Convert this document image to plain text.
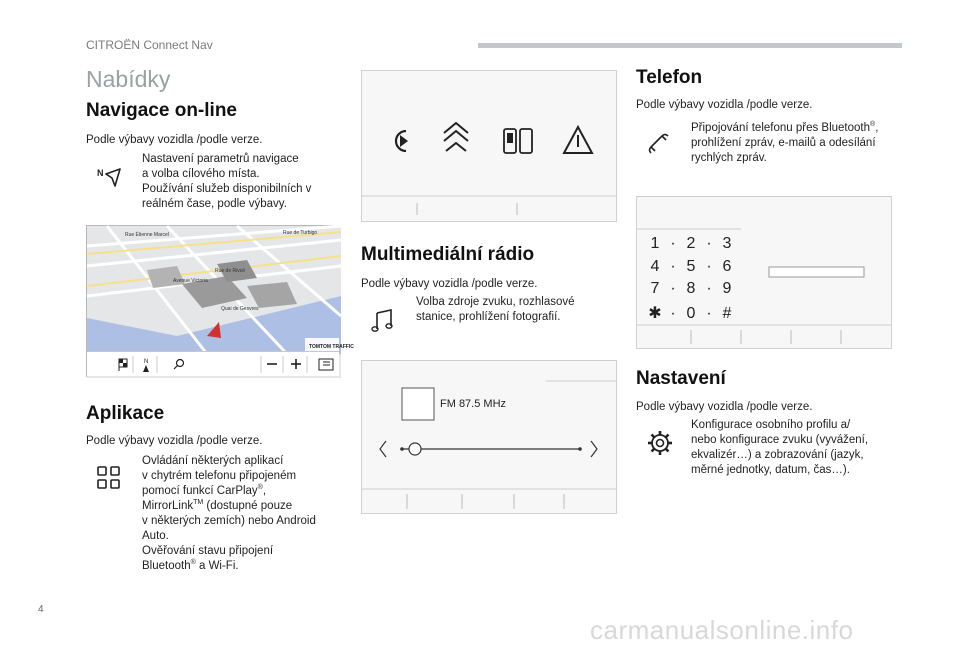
CITROËN Connect Nav
4
Nabídky
Navigace on-line
Podle výbavy vozidla /podle verze.
N
Nastavení parametrů navigace
a volba cílového místa.
Používání služeb disponibilních v
reálném čase, podle výbavy.
Rue Étienne Marcel	Rue de Turbigo
Rue de Rivoli
Avenue Victoria
Quai de Gesvres
TOMTOM TRAFFIC
N
Aplikace
Podle výbavy vozidla /podle verze.
Ovládání některých aplikací
v chytrém telefonu připojeném
pomocí funkcí CarPlay®,
MirrorLink™ (dostupné pouze
v některých zemích) nebo Android
Auto.
Ověřování stavu připojení
Bluetooth® a Wi-Fi.
Multimediální rádio
Podle výbavy vozidla /podle verze.
Volba zdroje zvuku, rozhlasové
stanice, prohlížení fotografií.
FM 87.5 MHz
Telefon
Podle výbavy vozidla /podle verze.
Připojování telefonu přes Bluetooth®,
prohlížení zpráv, e-mailů a odesílání
rychlých zpráv.
1 · 2 · 3
4 · 5 · 6
7 · 8 · 9
✱ · 0 · #
Nastavení
Podle výbavy vozidla /podle verze.
Konfigurace osobního profilu a/
nebo konfigurace zvuku (vyvážení,
ekvalizér…) a zobrazování (jazyk,
měrné jednotky, datum, čas…).
carmanualsonline.info
